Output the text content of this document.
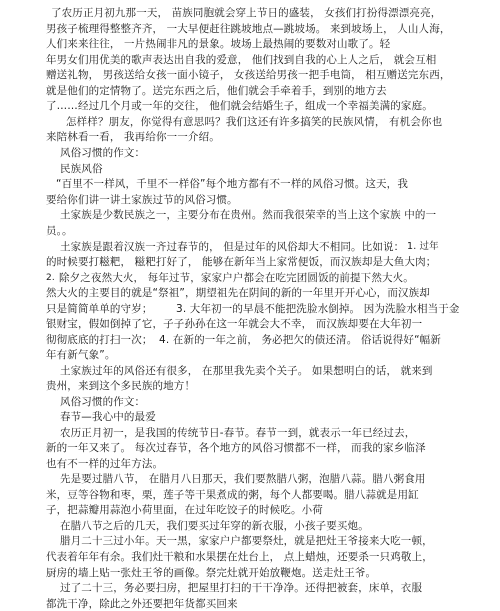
了农历正月初九那一天， 苗族同胞就会穿上节日的盛装， 女孩们打扮得漂漂亮亮，
男孩子梳理得整整齐齐， 一大早便赶往跳坡地点—跳坡场。 来到坡场上， 人山人海，
人们来来往往， 一片热闹非凡的景象。坡场上最热闹的要数对山歌了。轻
年男女们用优美的歌声表达出自我的爱意， 他们找到自我的心上人之后， 就会互相
赠送礼物， 男孩送给女孩一面小镜子， 女孩送给男孩一把手电筒， 相互赠送完东西，
就是他们的定情物了。送完东西之后，他们就会手牵着手，到别的地方去
了……经过几个月或一年的交往， 他们就会结婚生子，组成一个幸福美满的家庭。
怎样样？朋友，你觉得有意思吗？我们这还有许多搞笑的民族风情， 有机会你也
来陪林看一看， 我再给你一一介绍。
风俗习惯的作文：
民族风俗
“百里不一样风，千里不一样俗”每个地方都有不一样的风俗习惯。这天，我
要给你们讲一讲土家族过节的风俗习惯。
土家族是少数民族之一，主要分布在贵州。然而我很荣幸的当上这个家族 中的一
员。。
土家族是跟着汉族一齐过春节的， 但是过年的风俗却大不相同。比如说： 1. 过年
的时候要打糍粑， 糍粑打好了， 能够在新年当上家常便饭，而汉族却是大鱼大肉；
2. 除夕之夜然大火， 每年过节，家家户户都会在吃完团圆饭的前提下然大火。
然大火的主要目的就是“祭祖”，期望祖先在阴间的新的一年里开开心心，而汉族却
只是简简单单的守岁； 3. 大年初一的早晨不能把洗脸水倒掉。 因为洗脸水相当于金
银财宝，假如倒掉了它，子子孙孙在这一年就会大不幸， 而汉族却要在大年初一
彻彻底底的打扫一次； 4. 在新的一年之前， 务必把欠的债还清。 俗话说得好“幅新
年有新气象”。
土家族过年的风俗还有很多， 在那里我先卖个关子。 如果想明白的话， 就来到
贵州，来到这个多民族的地方！
风俗习惯的作文：
春节—我心中的最爱
农历正月初一，是我国的传统节日-春节。春节一到，就表示一年已经过去，
新的一年又来了。 每次过春节，各个地方的风俗习惯都不一样， 而我的家乡临泽
也有不一样的过年方法。
先是要过腊八节， 在腊月八日那天，我们要熬腊八粥，泡腊八蒜。腊八粥食用
米，豆等谷物和枣，栗，莲子等干果煮成的粥，每个人都要喝。腊八蒜就是用缸
子，把蒜瓣用蒜泡小荷里面，在过年吃饺子的时候吃。小荷
在腊八节之后的几天，我们要买过年穿的新衣服，小孩子要买炮。
腊月二十三过小年。天一黑，家家户户都要祭灶，就是把灶王爷接来大吃一顿，
代表着年年有余。我们灶干粮和水果摆在灶台上， 点上蜡烛，还要杀一只鸡敬上，
厨房的墙上贴一张灶王爷的画像。祭完灶就开始放鞭炮。送走灶王爷。
过了二十三，务必要扫房，把屋里打扫的干干净净。还得把被套，床单，衣服
都洗干净，除此之外还要把年货都买回来
